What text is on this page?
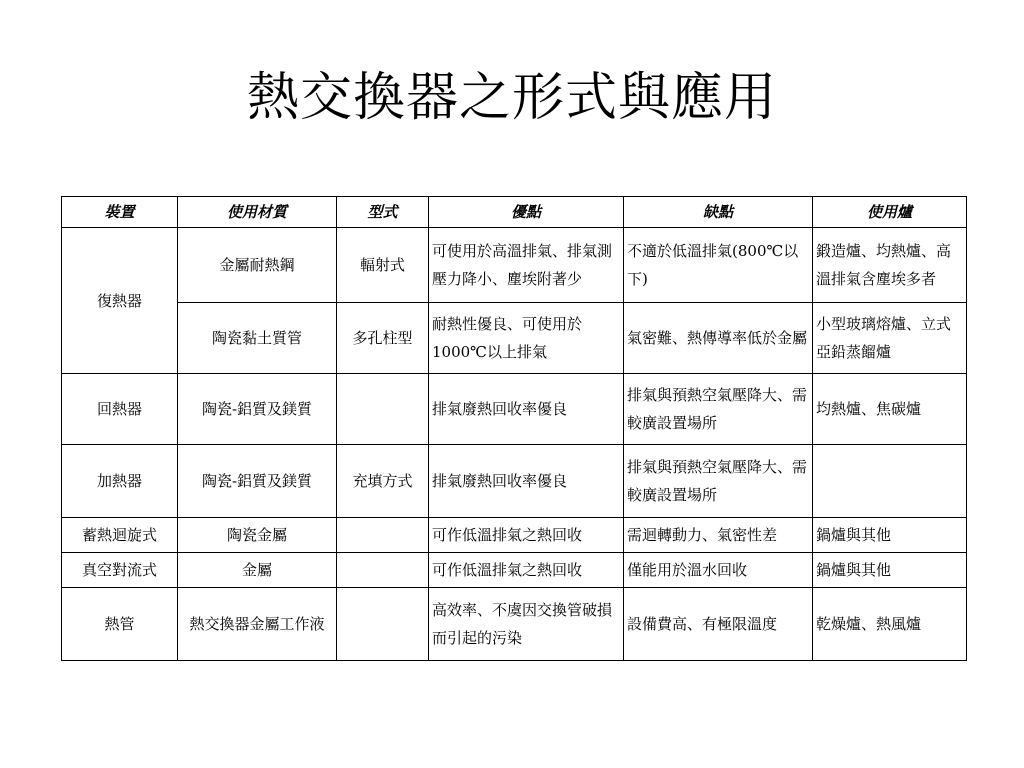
熱交換器之形式與應用
裝置	使用材質	型式	優點	缺點	使用爐
復熱器	金屬耐熱鋼	輻射式	可使用於高溫排氣、排氣測壓力降小、塵埃附著少	不適於低溫排氣(800℃以下)	鍛造爐、均熱爐、高溫排氣含塵埃多者
	陶瓷黏土質管	多孔柱型	耐熱性優良、可使用於1000℃以上排氣	氣密難、熱傳導率低於金屬	小型玻璃熔爐、立式亞鉛蒸餾爐
回熱器	陶瓷-鋁質及鎂質		排氣廢熱回收率優良	排氣與預熱空氣壓降大、需較廣設置場所	均熱爐、焦碳爐
加熱器	陶瓷-鋁質及鎂質	充填方式	排氣廢熱回收率優良	排氣與預熱空氣壓降大、需較廣設置場所	
蓄熱迴旋式	陶瓷金屬		可作低溫排氣之熱回收	需迴轉動力、氣密性差	鍋爐與其他
真空對流式	金屬		可作低溫排氣之熱回收	僅能用於溫水回收	鍋爐與其他
熱管	熱交換器金屬工作液		高效率、不虞因交換管破損而引起的污染	設備費高、有極限溫度	乾燥爐、熱風爐
